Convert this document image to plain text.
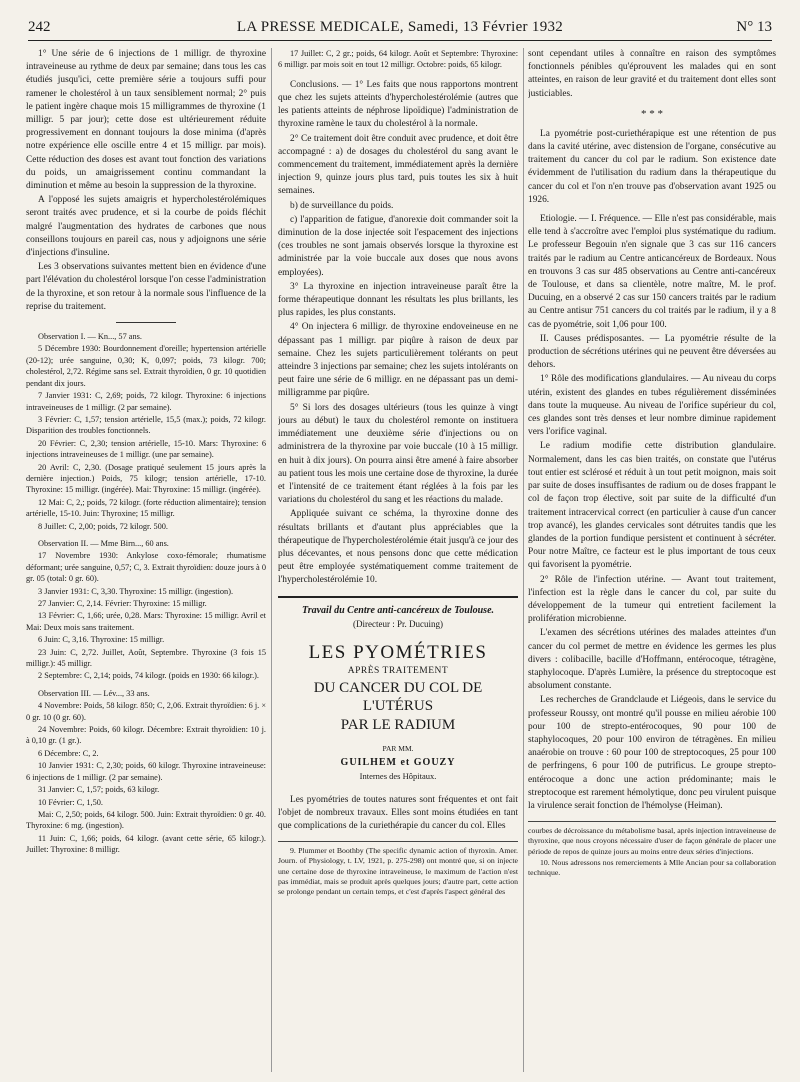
242	LA PRESSE MEDICALE, Samedi, 13 Février 1932	N° 13

1° Une série de 6 injections de 1 milligr. de thyroxine intraveineuse au rythme de deux par semaine; dans tous les cas étudiés jusqu'ici, cette première série a toujours suffi pour ramener le cholestérol à un taux sensiblement normal; 2° puis le patient ingère chaque mois 15 milligrammes de thyroxine (1 milligr. 5 par jour); cette dose est ultérieurement réduite progressivement en donnant toujours la dose minima (d'après notre expérience elle oscille entre 4 et 15 milligr. par mois). Cette réduction des doses est avant tout fonction des variations du poids, un amaigrissement continu commandant la diminution et même au besoin la suppression de la thyroxine.

A l'opposé les sujets amaigris et hypercholestérolémiques seront traités avec prudence, et si la courbe de poids fléchit malgré l'augmentation des hydrates de carbones que nous conseillons toujours en pareil cas, nous y adjoignons une série d'injections d'insuline.

Les 3 observations suivantes mettent bien en évidence d'une part l'élévation du cholestérol lorsque l'on cesse l'administration de la thyroxine, et son retour à la normale sous l'influence de la reprise du traitement.

Observation I. — Kn..., 57 ans.

5 Décembre 1930: Bourdonnement d'oreille; hypertension artérielle (20-12); urée sanguine, 0,30; K, 0,097; poids, 73 kilogr. 700; cholestérol, 2,72. Régime sans sel. Extrait thyroïdien, 0 gr. 10 quotidien pendant dix jours.

7 Janvier 1931: C, 2,69; poids, 72 kilogr. Thyroxine: 6 injections intraveineuses de 1 milligr. (2 par semaine).

3 Février: C, 1,57; tension artérielle, 15,5 (max.); poids, 72 kilogr. Disparition des troubles fonctionnels.

20 Février: C, 2,30; tension artérielle, 15-10. Mars: Thyroxine: 6 injections intraveineuses de 1 milligr. (une par semaine).

20 Avril: C, 2,30. (Dosage pratiqué seulement 15 jours après la dernière injection.) Poids, 75 kilogr; tension artérielle, 17-10. Thyroxine: 15 milligr. (ingérée). Mai: Thyroxine: 15 milligr. (ingérée).

12 Mai: C, 2,; poids, 72 kilogr. (forte réduction alimentaire); tension artérielle, 15-10. Juin: Thyroxine; 15 milligr.

8 Juillet: C, 2,00; poids, 72 kilogr. 500.

Observation II. — Mme Birn..., 60 ans.

17 Novembre 1930: Ankylose coxo-fémorale; rhumatisme déformant; urée sanguine, 0,57; C, 3. Extrait thyroïdien: douze jours à 0 gr. 05 (total: 0 gr. 60).

3 Janvier 1931: C, 3,30. Thyroxine: 15 milligr. (ingestion).

27 Janvier: C, 2,14. Février: Thyroxine: 15 milligr.

13 Février: C, 1,66; urée, 0,28. Mars: Thyroxine: 15 milligr. Avril et Mai: Deux mois sans traitement.

6 Juin: C, 3,16. Thyroxine: 15 milligr.

23 Juin: C, 2,72. Juillet, Août, Septembre. Thyroxine (3 fois 15 milligr.): 45 milligr.

2 Septembre: C, 2,14; poids, 74 kilogr. (poids en 1930: 66 kilogr.).

Observation III. — Lév..., 33 ans.

4 Novembre: Poids, 58 kilogr. 850; C, 2,06. Extrait thyroïdien: 6 j. × 0 gr. 10 (0 gr. 60).

24 Novembre: Poids, 60 kilogr. Décembre: Extrait thyroïdien: 10 j. à 0,10 gr. (1 gr.).

6 Décembre: C, 2.

10 Janvier 1931: C, 2,30; poids, 60 kilogr. Thyroxine intraveineuse: 6 injections de 1 milligr. (2 par semaine).

31 Janvier: C, 1,57; poids, 63 kilogr.

10 Février: C, 1,50.

Mai: C, 2,50; poids, 64 kilogr. 500. Juin: Extrait thyroïdien: 0 gr. 40. Thyroxine: 6 mg. (ingestion).

11 Juin: C, 1,66; poids, 64 kilogr. (avant cette série, 65 kilogr.). Juillet: Thyroxine: 8 milligr.

17 Juillet: C, 2 gr.; poids, 64 kilogr. Août et Septembre: Thyroxine: 6 milligr. par mois soit en tout 12 milligr. Octobre: poids, 65 kilogr.

Conclusions. — 1° Les faits que nous rapportons montrent que chez les sujets atteints d'hypercholestérolémie (autres que les patients atteints de néphrose lipoïdique) l'administration de thyroxine ramène le taux du cholestérol à la normale.

2° Ce traitement doit être conduit avec prudence, et doit être accompagné : a) de dosages du cholestérol du sang avant le commencement du traitement, immédiatement après la dernière injection 9, quinze jours plus tard, puis toutes les six à huit semaines.

b) de surveillance du poids.

c) l'apparition de fatigue, d'anorexie doit commander soit la diminution de la dose injectée soit l'espacement des injections (ces troubles ne sont jamais observés lorsque la thyroxine est administrée par la voie buccale aux doses que nous avons employées).

3° La thyroxine en injection intraveineuse paraît être la forme thérapeutique donnant les résultats les plus brillants, les plus rapides, les plus constants.

4° On injectera 6 milligr. de thyroxine endoveineuse en ne dépassant pas 1 milligr. par piqûre à raison de deux par semaine. Chez les sujets particulièrement tolérants on peut atteindre 3 injections par semaine; chez les sujets intolérants on peut faire une série de 6 milligr. en ne dépassant pas un demi-milligramme par piqûre.

5° Si lors des dosages ultérieurs (tous les quinze à vingt jours au début) le taux du cholestérol remonte on instituera immédiatement une deuxième série d'injections ou on administrera de la thyroxine par voie buccale (10 à 15 milligr. en huit à dix jours). On pourra ainsi être amené à faire absorber au patient tous les mois une certaine dose de thyroxine, la durée et l'intensité de ce traitement étant réglées à la fois par les variations du cholestérol du sang et les réactions du malade.

Appliquée suivant ce schéma, la thyroxine donne des résultats brillants et d'autant plus appréciables que la thérapeutique de l'hypercholestérolémie était jusqu'à ce jour des plus décevantes, et nous pensons donc que cette médication peut être employée systématiquement comme traitement de l'hypercholestérolémie 10.

Travail du Centre anti-cancéreux de Toulouse.

(Directeur : Pr. Ducuing)

LES PYOMÉTRIES

APRÈS TRAITEMENT

DU CANCER DU COL DE L'UTÉRUS

PAR LE RADIUM

PAR MM.

GUILHEM et GOUZY

Internes des Hôpitaux.

Les pyométries de toutes natures sont fréquentes et ont fait l'objet de nombreux travaux. Elles sont moins étudiées en tant que complications de la curiethérapie du cancer du col. Elles

9. Plummer et Boothby (The specific dynamic action of thyroxin. Amer. Journ. of Physiology, t. LV, 1921, p. 275-298) ont montré que, si on injecte une certaine dose de thyroxine intraveineuse, le maximum de l'action n'est pas immédiat, mais se produit après quelques jours; d'autre part, cette action se prolonge pendant un certain temps, et c'est d'après l'aspect général des

sont cependant utiles à connaître en raison des symptômes fonctionnels pénibles qu'éprouvent les malades qui en sont atteintes, en raison de leur gravité et du traitement dont elles sont justiciables.

* * *

La pyométrie post-curiethérapique est une rétention de pus dans la cavité utérine, avec distension de l'organe, consécutive au traitement du cancer du col par le radium. Son existence date évidemment de l'utilisation du radium dans la thérapeutique du cancer du col et l'on n'en trouve pas d'observation avant 1925 ou 1926.

Etiologie. — I. Fréquence. — Elle n'est pas considérable, mais elle tend à s'accroître avec l'emploi plus systématique du radium. Le professeur Begouin n'en signale que 3 cas sur 116 cancers traités par le radium au Centre anticancéreux de Bordeaux. Nous en trouvons 3 cas sur 485 observations au Centre anti-cancéreux de Toulouse, et dans sa clientèle, notre maître, M. le prof. Ducuing, en a observé 2 cas sur 150 cancers traités par le radium au Centre antisur 751 cancers du col traités par le radium, il y a 8 cas de pyométrie, soit 1,06 pour 100.

II. Causes prédisposantes. — La pyométrie résulte de la production de sécrétions utérines qui ne peuvent être déversées au dehors.

1° Rôle des modifications glandulaires. — Au niveau du corps utérin, existent des glandes en tubes régulièrement disséminées dans toute la muqueuse. Au niveau de l'orifice supérieur du col, ces glandes sont très denses et leur nombre diminue rapidement vers l'orifice vaginal.

Le radium modifie cette distribution glandulaire. Normalement, dans les cas bien traités, on constate que l'utérus tout entier est sclérosé et réduit à un tout petit moignon, mais soit par suite de doses insuffisantes de radium ou de doses frappant le col de façon trop élective, soit par suite de la difficulté d'un traitement intracervical correct (en particulier à cause d'un cancer trop avancé), les glandes cervicales sont détruites tandis que les glandes de la portion fundique persistent et continuent à sécréter. Pour notre Maître, ce facteur est le plus important de tous ceux qui favorisent la pyométrie.

2° Rôle de l'infection utérine. — Avant tout traitement, l'infection est la règle dans le cancer du col, par suite du développement de la tumeur qui entretient facilement la prolifération microbienne.

L'examen des sécrétions utérines des malades atteintes d'un cancer du col permet de mettre en évidence les germes les plus divers : colibacille, bacille d'Hoffmann, entérocoque, tétragène, staphylocoque. D'après Lumière, la présence du streptocoque est absolument constante.

Les recherches de Grandclaude et Liégeois, dans le service du professeur Roussy, ont montré qu'il pousse en milieu aérobie 100 pour 100 de strepto-entérocoques, 90 pour 100 de staphylocoques, 20 pour 100 environ de tétragènes. En milieu anaérobie on trouve : 60 pour 100 de streptocoques, 25 pour 100 de perfringens, 6 pour 100 de putrificus. Le groupe strepto-entérocoque a donc une action prédominante; mais le streptocoque est rarement hémolytique, donc peu virulent puisque la virulence serait fonction de l'hémolyse (Heiman).

courbes de décroissance du métabolisme basal, après injection intraveineuse de thyroxine, que nous croyons nécessaire d'user de façon générale de placer une période de repos de quinze jours au moins entre deux séries d'injections.

10. Nous adressons nos remerciements à Mlle Ancian pour sa collaboration technique.
